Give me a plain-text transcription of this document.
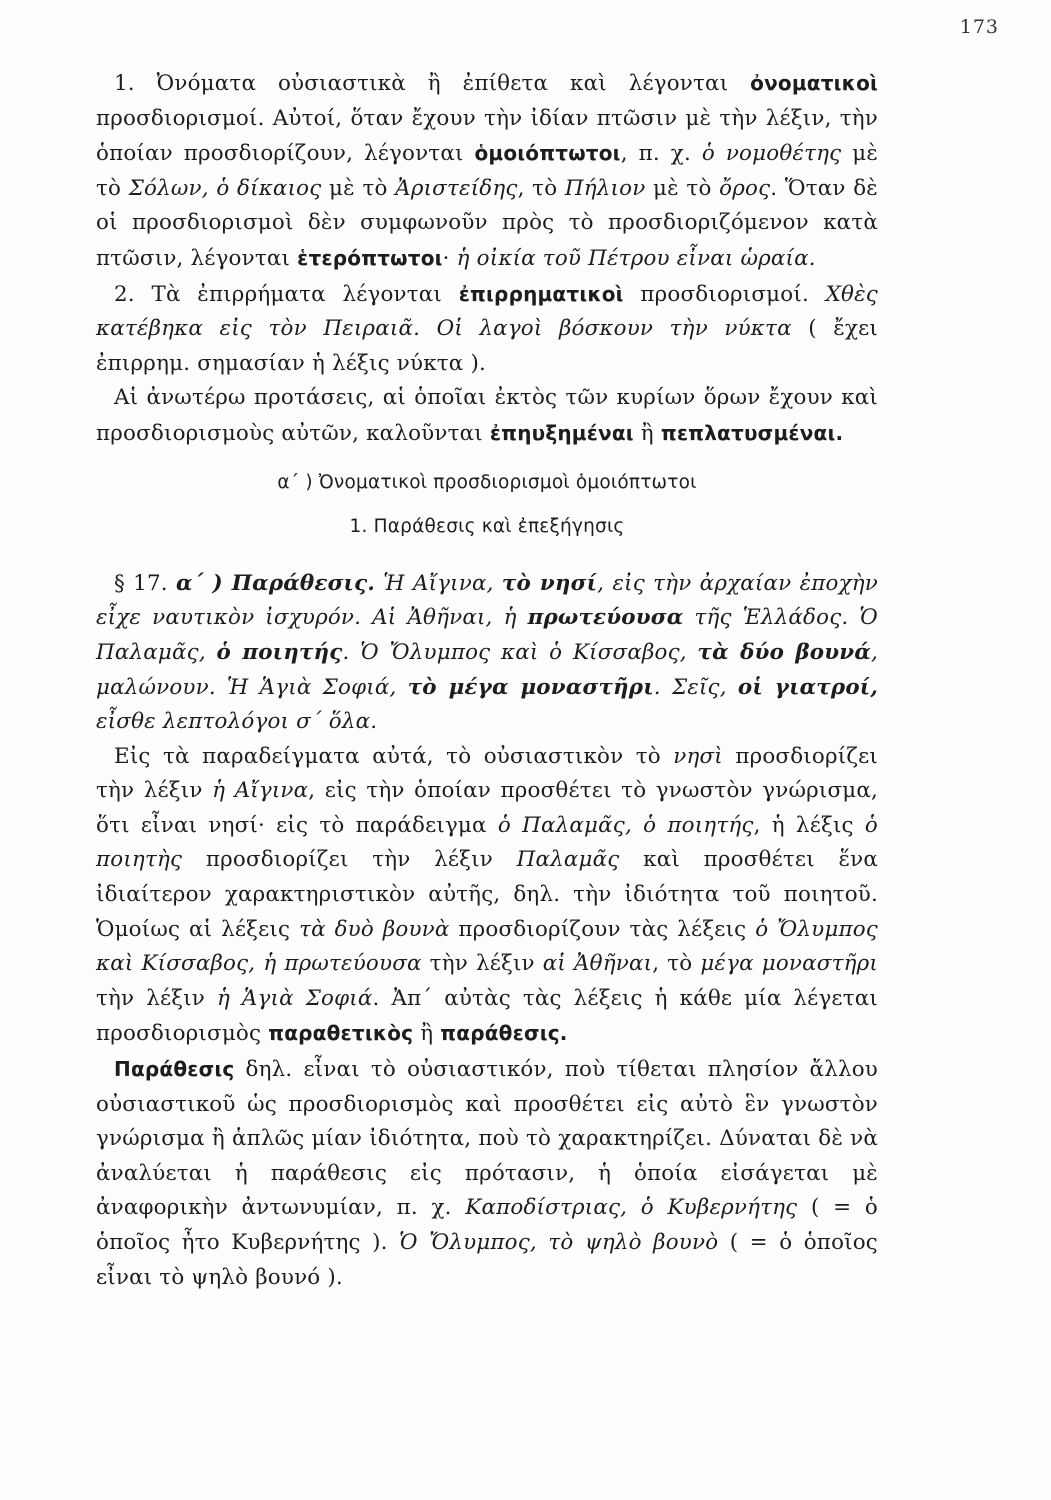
173

1. Ὀνόματα οὐσιαστικὰ ἢ ἐπίθετα καὶ λέγονται ὀνοματικοὶ προσδιορισμοί. Αὐτοί, ὅταν ἔχουν τὴν ἰδίαν πτῶσιν μὲ τὴν λέξιν, τὴν ὁποίαν προσδιορίζουν, λέγονται ὁμοιόπτωτοι, π. χ. ὁ νομοθέτης μὲ τὸ Σόλων, ὁ δίκαιος μὲ τὸ Ἀριστείδης, τὸ Πήλιον μὲ τὸ ὄρος. Ὅταν δὲ οἱ προσδιορισμοὶ δὲν συμφωνοῦν πρὸς τὸ προσδιοριζόμενον κατὰ πτῶσιν, λέγονται ἑτερόπτωτοι· ἡ οἰκία τοῦ Πέτρου εἶναι ὡραία.

2. Τὰ ἐπιρρήματα λέγονται ἐπιρρηματικοὶ προσδιορισμοί. Χθὲς κατέβηκα εἰς τὸν Πειραιᾶ. Οἱ λαγοὶ βόσκουν τὴν νύκτα ( ἔχει ἐπιρρημ. σημασίαν ἡ λέξις νύκτα ).

Αἱ ἀνωτέρω προτάσεις, αἱ ὁποῖαι ἐκτὸς τῶν κυρίων ὅρων ἔχουν καὶ προσδιορισμοὺς αὐτῶν, καλοῦνται ἐπηυξημέναι ἢ πεπλατυσμέναι.

α΄ ) Ὀνοματικοὶ προσδιορισμοὶ ὁμοιόπτωτοι

1. Παράθεσις καὶ ἐπεξήγησις

§ 17. α΄ ) Παράθεσις. Ἡ Αἴγινα, τὸ νησί, εἰς τὴν ἀρχαίαν ἐποχὴν εἶχε ναυτικὸν ἰσχυρόν. Αἱ Ἀθῆναι, ἡ πρωτεύουσα τῆς Ἑλλάδος. Ὁ Παλαμᾶς, ὁ ποιητής. Ὁ Ὄλυμπος καὶ ὁ Κίσσαβος, τὰ δύο βουνά, μαλώνουν. Ἡ Ἁγιὰ Σοφιά, τὸ μέγα μοναστῆρι. Σεῖς, οἱ γιατροί, εἶσθε λεπτολόγοι σ΄ ὅλα.

Εἰς τὰ παραδείγματα αὐτά, τὸ οὐσιαστικὸν τὸ νησὶ προσδιορίζει τὴν λέξιν ἡ Αἴγινα, εἰς τὴν ὁποίαν προσθέτει τὸ γνωστὸν γνώρισμα, ὅτι εἶναι νησί· εἰς τὸ παράδειγμα ὁ Παλαμᾶς, ὁ ποιητής, ἡ λέξις ὁ ποιητὴς προσδιορίζει τὴν λέξιν Παλαμᾶς καὶ προσθέτει ἕνα ἰδιαίτερον χαρακτηριστικὸν αὐτῆς, δηλ. τὴν ἰδιότητα τοῦ ποιητοῦ. Ὁμοίως αἱ λέξεις τὰ δυὸ βουνὰ προσδιορίζουν τὰς λέξεις ὁ Ὄλυμπος καὶ Κίσσαβος, ἡ πρωτεύουσα τὴν λέξιν αἱ Ἀθῆναι, τὸ μέγα μοναστῆρι τὴν λέξιν ἡ Ἁγιὰ Σοφιά. Ἀπ΄ αὐτὰς τὰς λέξεις ἡ κάθε μία λέγεται προσδιορισμὸς παραθετικὸς ἢ παράθεσις.

Παράθεσις δηλ. εἶναι τὸ οὐσιαστικόν, ποὺ τίθεται πλησίον ἄλλου οὐσιαστικοῦ ὡς προσδιορισμὸς καὶ προσθέτει εἰς αὐτὸ ἓν γνωστὸν γνώρισμα ἢ ἁπλῶς μίαν ἰδιότητα, ποὺ τὸ χαρακτηρίζει. Δύναται δὲ νὰ ἀναλύεται ἡ παράθεσις εἰς πρότασιν, ἡ ὁποία εἰσάγεται μὲ ἀναφορικὴν ἀντωνυμίαν, π. χ. Καποδίστριας, ὁ Κυβερνήτης ( = ὁ ὁποῖος ἦτο Κυβερνήτης ). Ὁ Ὄλυμπος, τὸ ψηλὸ βουνὸ ( = ὁ ὁποῖος εἶναι τὸ ψηλὸ βουνό ).
